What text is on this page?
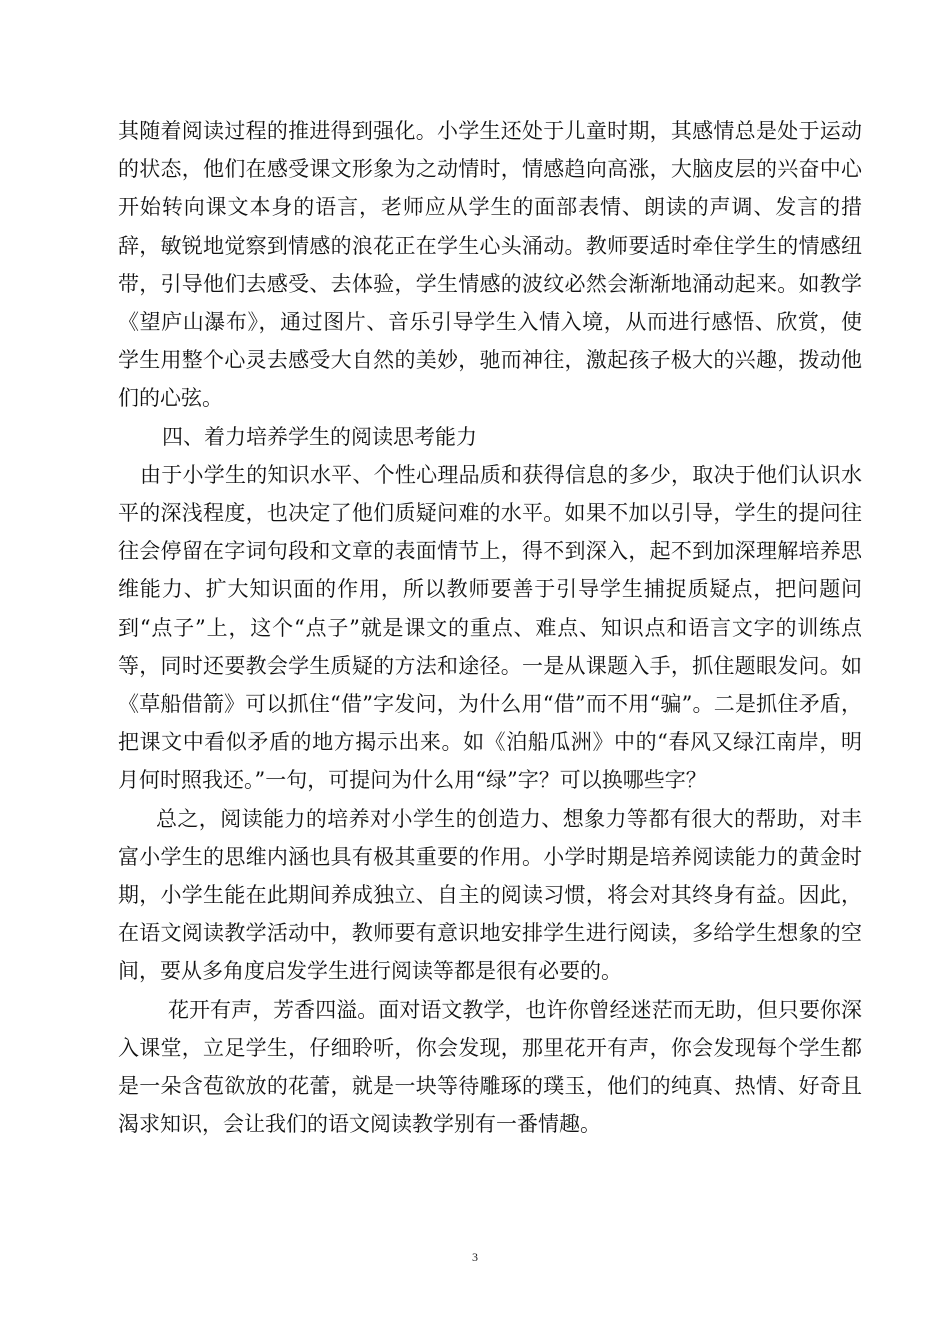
其随着阅读过程的推进得到强化。小学生还处于儿童时期，其感情总是处于运动的状态，他们在感受课文形象为之动情时，情感趋向高涨，大脑皮层的兴奋中心开始转向课文本身的语言，老师应从学生的面部表情、朗读的声调、发言的措辞，敏锐地觉察到情感的浪花正在学生心头涌动。教师要适时牵住学生的情感纽带，引导他们去感受、去体验，学生情感的波纹必然会渐渐地涌动起来。如教学《望庐山瀑布》，通过图片、音乐引导学生入情入境，从而进行感悟、欣赏，使学生用整个心灵去感受大自然的美妙，驰而神往，激起孩子极大的兴趣，拨动他们的心弦。

四、着力培养学生的阅读思考能力

由于小学生的知识水平、个性心理品质和获得信息的多少，取决于他们认识水平的深浅程度，也决定了他们质疑问难的水平。如果不加以引导，学生的提问往往会停留在字词句段和文章的表面情节上，得不到深入，起不到加深理解培养思维能力、扩大知识面的作用，所以教师要善于引导学生捕捉质疑点，把问题问到“点子”上，这个“点子”就是课文的重点、难点、知识点和语言文字的训练点等，同时还要教会学生质疑的方法和途径。一是从课题入手，抓住题眼发问。如《草船借箭》可以抓住“借”字发问，为什么用“借”而不用“骗”。二是抓住矛盾，把课文中看似矛盾的地方揭示出来。如《泊船瓜洲》中的“春风又绿江南岸，明月何时照我还。”一句，可提问为什么用“绿”字？可以换哪些字？

总之，阅读能力的培养对小学生的创造力、想象力等都有很大的帮助，对丰富小学生的思维内涵也具有极其重要的作用。小学时期是培养阅读能力的黄金时期，小学生能在此期间养成独立、自主的阅读习惯，将会对其终身有益。因此，在语文阅读教学活动中，教师要有意识地安排学生进行阅读，多给学生想象的空间，要从多角度启发学生进行阅读等都是很有必要的。

花开有声，芳香四溢。面对语文教学，也许你曾经迷茫而无助，但只要你深入课堂，立足学生，仔细聆听，你会发现，那里花开有声，你会发现每个学生都是一朵含苞欲放的花蕾，就是一块等待雕琢的璞玉，他们的纯真、热情、好奇且渴求知识，会让我们的语文阅读教学别有一番情趣。

3
